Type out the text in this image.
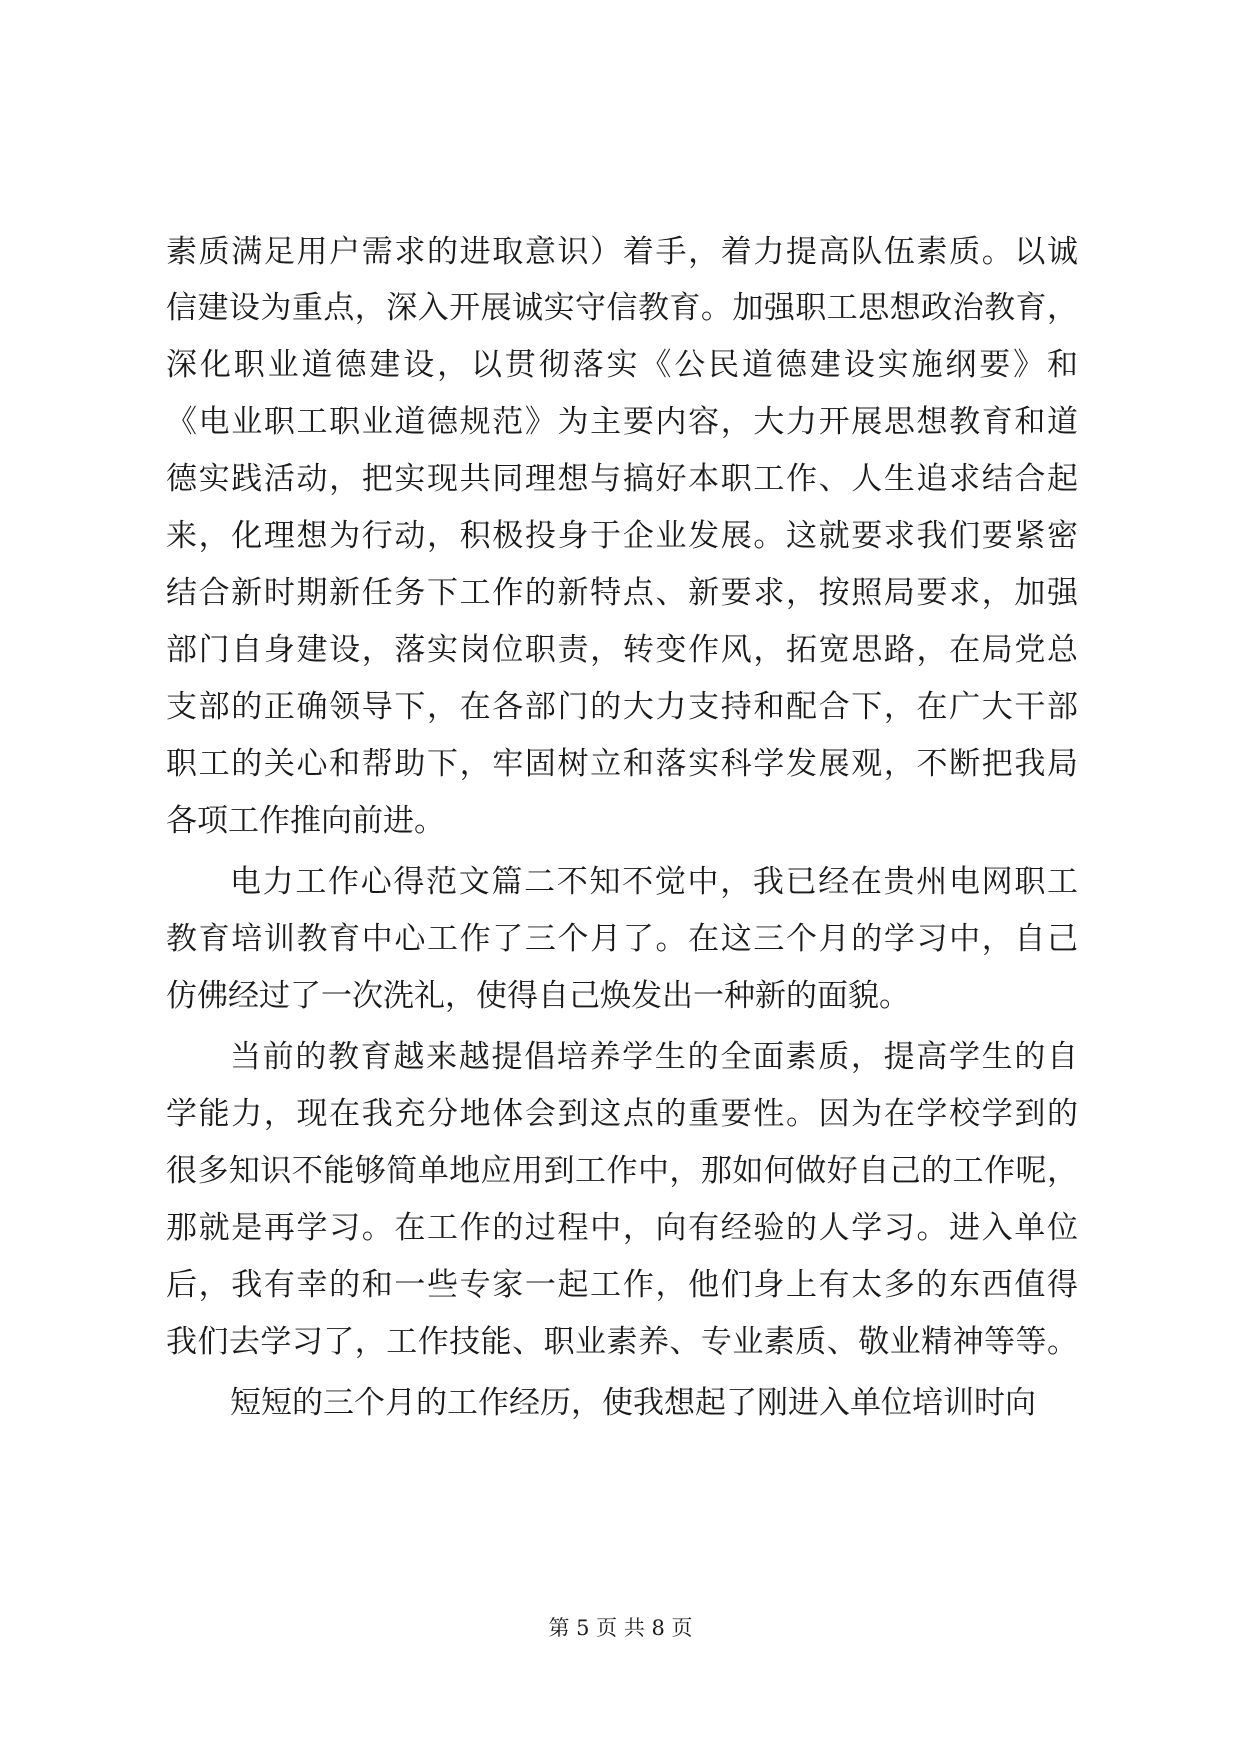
素质满足用户需求的进取意识）着手，着力提高队伍素质。以诚
信建设为重点，深入开展诚实守信教育。加强职工思想政治教育，
深化职业道德建设，以贯彻落实《公民道德建设实施纲要》和
《电业职工职业道德规范》为主要内容，大力开展思想教育和道
德实践活动，把实现共同理想与搞好本职工作、人生追求结合起
来，化理想为行动，积极投身于企业发展。这就要求我们要紧密
结合新时期新任务下工作的新特点、新要求，按照局要求，加强
部门自身建设，落实岗位职责，转变作风，拓宽思路，在局党总
支部的正确领导下，在各部门的大力支持和配合下，在广大干部
职工的关心和帮助下，牢固树立和落实科学发展观，不断把我局
各项工作推向前进。
电力工作心得范文篇二不知不觉中，我已经在贵州电网职工
教育培训教育中心工作了三个月了。在这三个月的学习中，自己
仿佛经过了一次洗礼，使得自己焕发出一种新的面貌。
当前的教育越来越提倡培养学生的全面素质，提高学生的自
学能力，现在我充分地体会到这点的重要性。因为在学校学到的
很多知识不能够简单地应用到工作中，那如何做好自己的工作呢，
那就是再学习。在工作的过程中，向有经验的人学习。进入单位
后，我有幸的和一些专家一起工作，他们身上有太多的东西值得
我们去学习了，工作技能、职业素养、专业素质、敬业精神等等。
短短的三个月的工作经历，使我想起了刚进入单位培训时向
第 5 页 共 8 页
